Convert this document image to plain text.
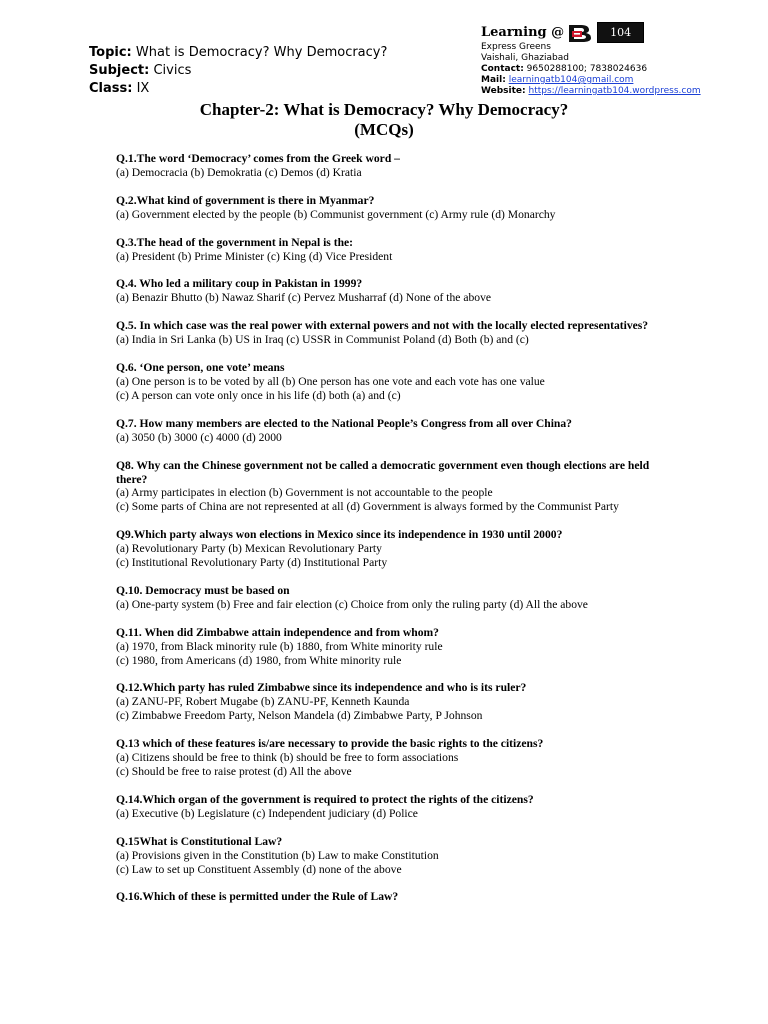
Topic: What is Democracy? Why Democracy?
Subject: Civics
Class: IX
Learning @	104
Express Greens
Vaishali, Ghaziabad
Contact: 9650288100; 7838024636
Mail: learningatb104@gmail.com
Website: https://learningatb104.wordpress.com
Chapter-2: What is Democracy? Why Democracy?
(MCQs)
Q.1.The word ‘Democracy’ comes from the Greek word –
(a) Democracia (b) Demokratia (c) Demos (d) Kratia
Q.2.What kind of government is there in Myanmar?
(a) Government elected by the people (b) Communist government (c) Army rule (d) Monarchy
Q.3.The head of the government in Nepal is the:
(a) President (b) Prime Minister (c) King (d) Vice President
Q.4. Who led a military coup in Pakistan in 1999?
(a) Benazir Bhutto (b) Nawaz Sharif (c) Pervez Musharraf (d) None of the above
Q.5. In which case was the real power with external powers and not with the locally elected representatives?
(a) India in Sri Lanka (b) US in Iraq (c) USSR in Communist Poland (d) Both (b) and (c)
Q.6. ‘One person, one vote’ means
(a) One person is to be voted by all (b) One person has one vote and each vote has one value
(c) A person can vote only once in his life (d) both (a) and (c)
Q.7. How many members are elected to the National People’s Congress from all over China?
(a) 3050 (b) 3000 (c) 4000 (d) 2000
Q8. Why can the Chinese government not be called a democratic government even though elections are held there?
(a) Army participates in election (b) Government is not accountable to the people
(c) Some parts of China are not represented at all (d) Government is always formed by the Communist Party
Q9.Which party always won elections in Mexico since its independence in 1930 until 2000?
(a) Revolutionary Party (b) Mexican Revolutionary Party
(c) Institutional Revolutionary Party (d) Institutional Party
Q.10. Democracy must be based on
(a) One-party system (b) Free and fair election (c) Choice from only the ruling party (d) All the above
Q.11. When did Zimbabwe attain independence and from whom?
(a) 1970, from Black minority rule (b) 1880, from White minority rule
(c) 1980, from Americans (d) 1980, from White minority rule
Q.12.Which party has ruled Zimbabwe since its independence and who is its ruler?
(a) ZANU-PF, Robert Mugabe (b) ZANU-PF, Kenneth Kaunda
(c) Zimbabwe Freedom Party, Nelson Mandela (d) Zimbabwe Party, P Johnson
Q.13 which of these features is/are necessary to provide the basic rights to the citizens?
(a) Citizens should be free to think (b) should be free to form associations
(c) Should be free to raise protest (d) All the above
Q.14.Which organ of the government is required to protect the rights of the citizens?
(a) Executive (b) Legislature (c) Independent judiciary (d) Police
Q.15What is Constitutional Law?
(a) Provisions given in the Constitution (b) Law to make Constitution
(c) Law to set up Constituent Assembly (d) none of the above
Q.16.Which of these is permitted under the Rule of Law?
